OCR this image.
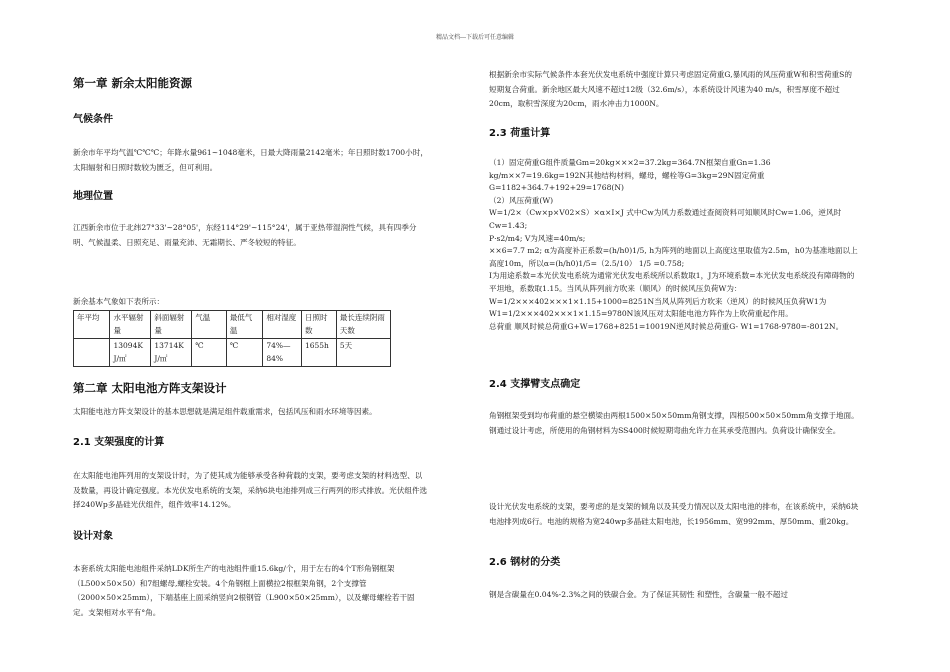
精品文档---下载后可任意编辑
第一章 新余太阳能资源
气候条件
新余市年平均气温℃℃℃；年降水量961~1048毫米，日最大降雨量2142毫米；年日照时数1700小时，太阳辐射和日照时数较为匮乏，但可利用。
地理位置
江西新余市位于北纬27°33'~28°05'，东经114°29'~115°24'，属于亚热带湿润性气候，具有四季分明、气候温柔、日照充足、雨量充沛、无霜期长、严冬较短的特征。
新余基本气象如下表所示：
年平均	水平辐射量	斜面辐射量	气温	最低气温	相对湿度	日照时数	最长连续阴雨天数
	13094K J/㎡	13714K J/㎡	℃	℃	74%—84%	1655h	5天
第二章 太阳电池方阵支架设计
太阳能电池方阵支架设计的基本思想就是满足组件载重需求，包括风压和雨水环境等因素。
2.1 支架强度的计算
在太阳能电池阵列用的支架设计时，为了使其成为能够承受各种荷载的支架，要考虑支架的材料选型、以及数量，再设计确定强度。本光伏发电系统的支架，采纳6块电池排列成三行两列的形式排放。光伏组件选择240Wp多晶硅光伏组件，组件效率14.12%。
设计对象
本套系统太阳能电池组件采纳LDK所生产的电池组件重15.6kg/个，用于左右的4个T形角钢框架（L500×50×50）和7组螺母,螺栓安装。4个角钢框上面横拉2根框架角钢，2个支撑管（2000×50×25mm），下端基座上面采纳竖向2根钢管（L900×50×25mm），以及螺母螺栓若干固定。支架相对水平有°角。
根据新余市实际气候条件本套光伏发电系统中强度计算只考虑固定荷重G,暴风雨的风压荷重W和积雪荷重S的短期复合荷重。新余地区最大风速不超过12级（32.6m/s），本系统设计风速为40 m/s，积雪厚度不超过20cm，取积雪深度为20cm，雨水冲击力1000N。
2.3 荷重计算
（1）固定荷重G组件质量Gm=20kg×××2=37.2kg=364.7N框架自重Gn=1.36 kg/m××7=19.6kg=192N其他结构材料，螺母，螺栓等G=3kg=29N固定荷重G=1182+364.7+192+29=1768(N)
（2）风压荷重(W)
W=1/2×（Cw×p×V02×S）×α×I×J 式中Cw为风力系数通过查阅资料可知顺风时Cw=1.06，逆风时Cw=1.43;
P·s2/m4; V为风速=40m/s;
××6=7.7 m2; α为高度补正系数=(h/h0)1/5, h为阵列的地面以上高度这里取值为2.5m，h0为基准地面以上高度10m，所以α=(h/h0)1/5=（2.5/10） 1/5 =0.758;
I为用途系数=本光伏发电系统为通常光伏发电系统所以系数取1，J为环境系数=本光伏发电系统没有障碍物的平坦地，系数取1.15。当风从阵列前方吹来（顺风）的时候风压负荷W为：
W=1/2×××402×××1×1.15+1000=8251N当风从阵列后方吹来（逆风）的时候风压负荷W1为W1=1/2×××402×××1×1.15=9780N该风压对太阳能电池方阵作为上吹荷重起作用。
总荷重 顺风时候总荷重G+W=1768+8251=10019N逆风时候总荷重G- W1=1768-9780=-8012N。
2.4 支撑臂支点确定
角钢框架受到均布荷重的悬空横梁由两根1500×50×50mm角钢支撑，四根500×50×50mm角支撑于地面。钢通过设计考虑，所使用的角钢材料为SS400时候短期弯曲允许力在其承受范围内。负荷设计确保安全。
设计光伏发电系统的支架，要考虑的是支架的倾角以及其受力情况以及太阳电池的排布，在该系统中，采纳6块电池排列成6行。电池的规格为宽240wp多晶硅太阳电池，长1956mm、宽992mm、厚50mm、重20kg。
2.6 钢材的分类
钢是含碳量在0.04%-2.3%之间的铁碳合金。为了保证其韧性 和塑性，含碳量一般不超过
